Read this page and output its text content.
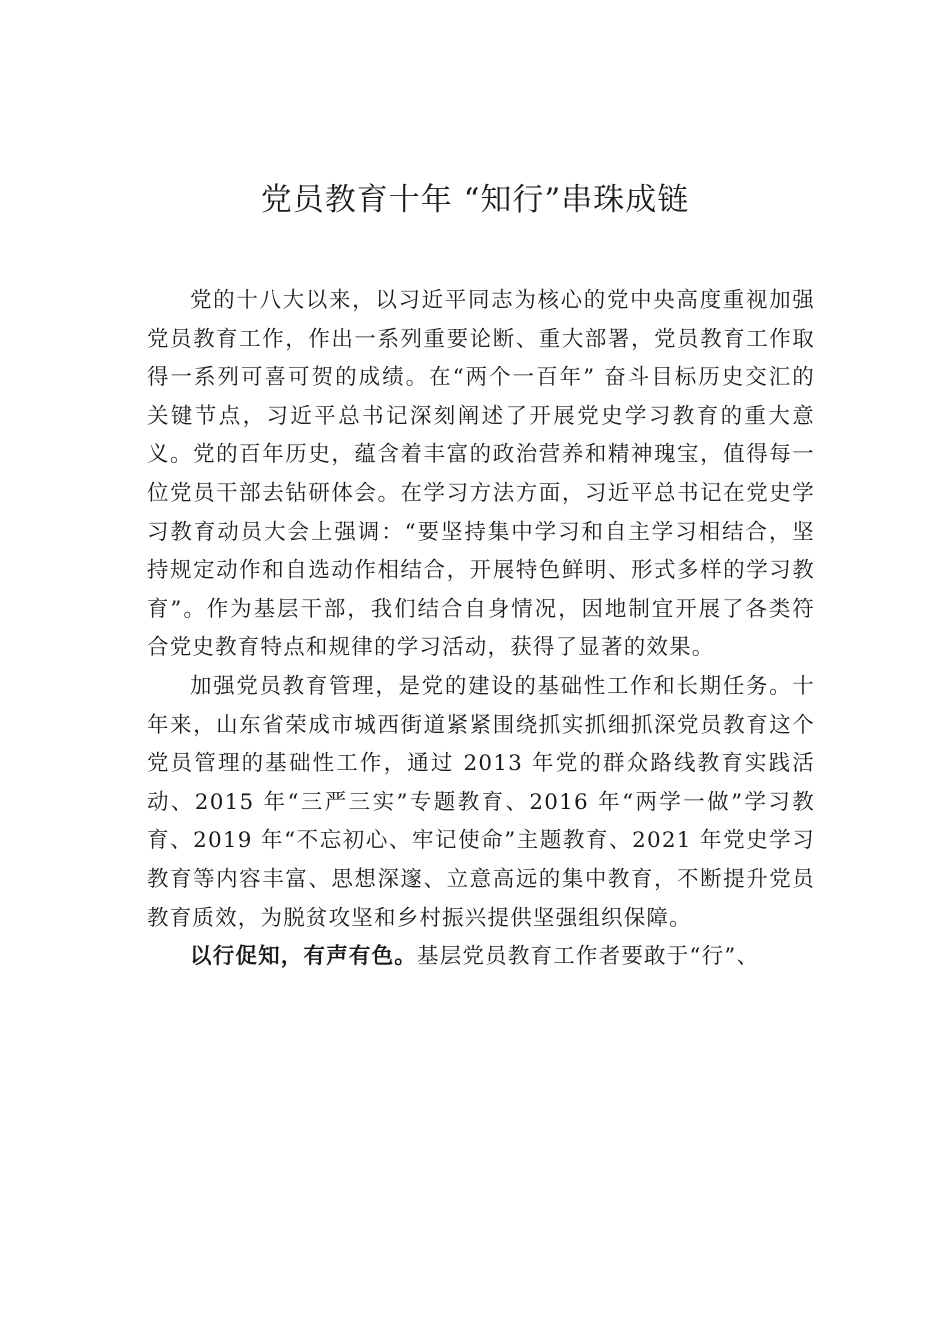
党员教育十年 “知行”串珠成链

党的十八大以来，以习近平同志为核心的党中央高度重视加强党员教育工作，作出一系列重要论断、重大部署，党员教育工作取得一系列可喜可贺的成绩。在“两个一百年” 奋斗目标历史交汇的关键节点，习近平总书记深刻阐述了开展党史学习教育的重大意义。党的百年历史，蕴含着丰富的政治营养和精神瑰宝，值得每一位党员干部去钻研体会。在学习方法方面，习近平总书记在党史学习教育动员大会上强调：“要坚持集中学习和自主学习相结合，坚持规定动作和自选动作相结合，开展特色鲜明、形式多样的学习教育”。作为基层干部，我们结合自身情况，因地制宜开展了各类符合党史教育特点和规律的学习活动，获得了显著的效果。

加强党员教育管理，是党的建设的基础性工作和长期任务。十年来，山东省荣成市城西街道紧紧围绕抓实抓细抓深党员教育这个党员管理的基础性工作，通过 2013 年党的群众路线教育实践活动、2015 年“三严三实”专题教育、2016 年“两学一做”学习教育、2019 年“不忘初心、牢记使命”主题教育、2021 年党史学习教育等内容丰富、思想深邃、立意高远的集中教育，不断提升党员教育质效，为脱贫攻坚和乡村振兴提供坚强组织保障。

以行促知，有声有色。基层党员教育工作者要敢于“行”、
